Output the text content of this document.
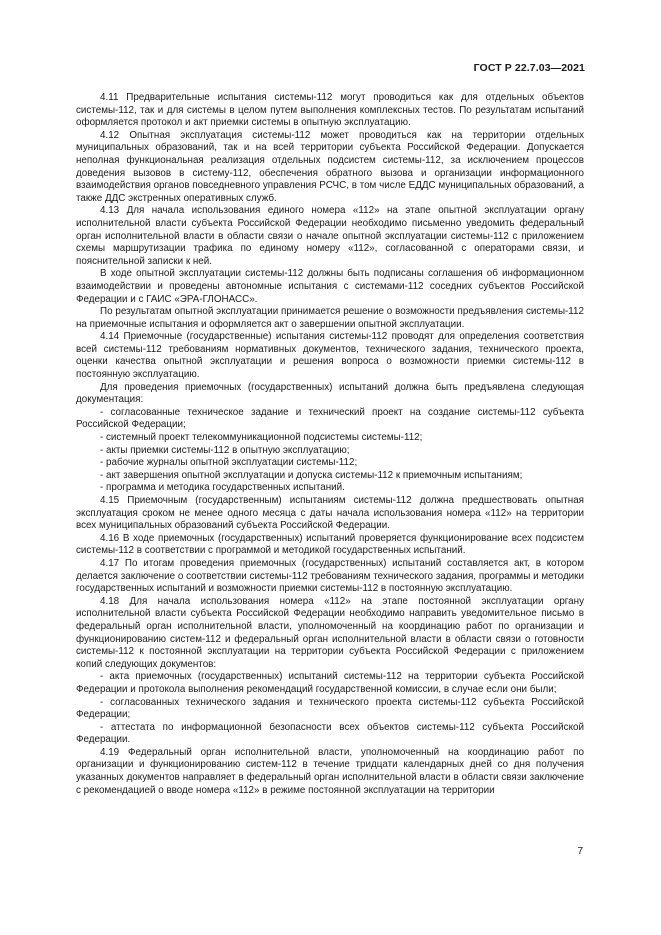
ГОСТ Р 22.7.03—2021

4.11 Предварительные испытания системы-112 могут проводиться как для отдельных объектов системы-112, так и для системы в целом путем выполнения комплексных тестов. По результатам испытаний оформляется протокол и акт приемки системы в опытную эксплуатацию.

4.12 Опытная эксплуатация системы-112 может проводиться как на территории отдельных муниципальных образований, так и на всей территории субъекта Российской Федерации. Допускается неполная функциональная реализация отдельных подсистем системы-112, за исключением процессов доведения вызовов в систему-112, обеспечения обратного вызова и организации информационного взаимодействия органов повседневного управления РСЧС, в том числе ЕДДС муниципальных образований, а также ДДС экстренных оперативных служб.

4.13 Для начала использования единого номера «112» на этапе опытной эксплуатации органу исполнительной власти субъекта Российской Федерации необходимо письменно уведомить федеральный орган исполнительной власти в области связи о начале опытной эксплуатации системы-112 с приложением схемы маршрутизации трафика по единому номеру «112», согласованной с операторами связи, и пояснительной записки к ней.

В ходе опытной эксплуатации системы-112 должны быть подписаны соглашения об информационном взаимодействии и проведены автономные испытания с системами-112 соседних субъектов Российской Федерации и с ГАИС «ЭРА-ГЛОНАСС».

По результатам опытной эксплуатации принимается решение о возможности предъявления системы-112 на приемочные испытания и оформляется акт о завершении опытной эксплуатации.

4.14 Приемочные (государственные) испытания системы-112 проводят для определения соответствия всей системы-112 требованиям нормативных документов, технического задания, технического проекта, оценки качества опытной эксплуатации и решения вопроса о возможности приемки системы-112 в постоянную эксплуатацию.

Для проведения приемочных (государственных) испытаний должна быть предъявлена следующая документация:

- согласованные техническое задание и технический проект на создание системы-112 субъекта Российской Федерации;

- системный проект телекоммуникационной подсистемы системы-112;

- акты приемки системы-112 в опытную эксплуатацию;

- рабочие журналы опытной эксплуатации системы-112;

- акт завершения опытной эксплуатации и допуска системы-112 к приемочным испытаниям;

- программа и методика государственных испытаний.

4.15 Приемочным (государственным) испытаниям системы-112 должна предшествовать опытная эксплуатация сроком не менее одного месяца с даты начала использования номера «112» на территории всех муниципальных образований субъекта Российской Федерации.

4.16 В ходе приемочных (государственных) испытаний проверяется функционирование всех подсистем системы-112 в соответствии с программой и методикой государственных испытаний.

4.17 По итогам проведения приемочных (государственных) испытаний составляется акт, в котором делается заключение о соответствии системы-112 требованиям технического задания, программы и методики государственных испытаний и возможности приемки системы-112 в постоянную эксплуатацию.

4.18 Для начала использования номера «112» на этапе постоянной эксплуатации органу исполнительной власти субъекта Российской Федерации необходимо направить уведомительное письмо в федеральный орган исполнительной власти, уполномоченный на координацию работ по организации и функционированию систем-112 и федеральный орган исполнительной власти в области связи о готовности системы-112 к постоянной эксплуатации на территории субъекта Российской Федерации с приложением копий следующих документов:

- акта приемочных (государственных) испытаний системы-112 на территории субъекта Российской Федерации и протокола выполнения рекомендаций государственной комиссии, в случае если они были;

- согласованных технического задания и технического проекта системы-112 субъекта Российской Федерации;

- аттестата по информационной безопасности всех объектов системы-112 субъекта Российской Федерации.

4.19 Федеральный орган исполнительной власти, уполномоченный на координацию работ по организации и функционированию систем-112 в течение тридцати календарных дней со дня получения указанных документов направляет в федеральный орган исполнительной власти в области связи заключение с рекомендацией о вводе номера «112» в режиме постоянной эксплуатации на территории

7
